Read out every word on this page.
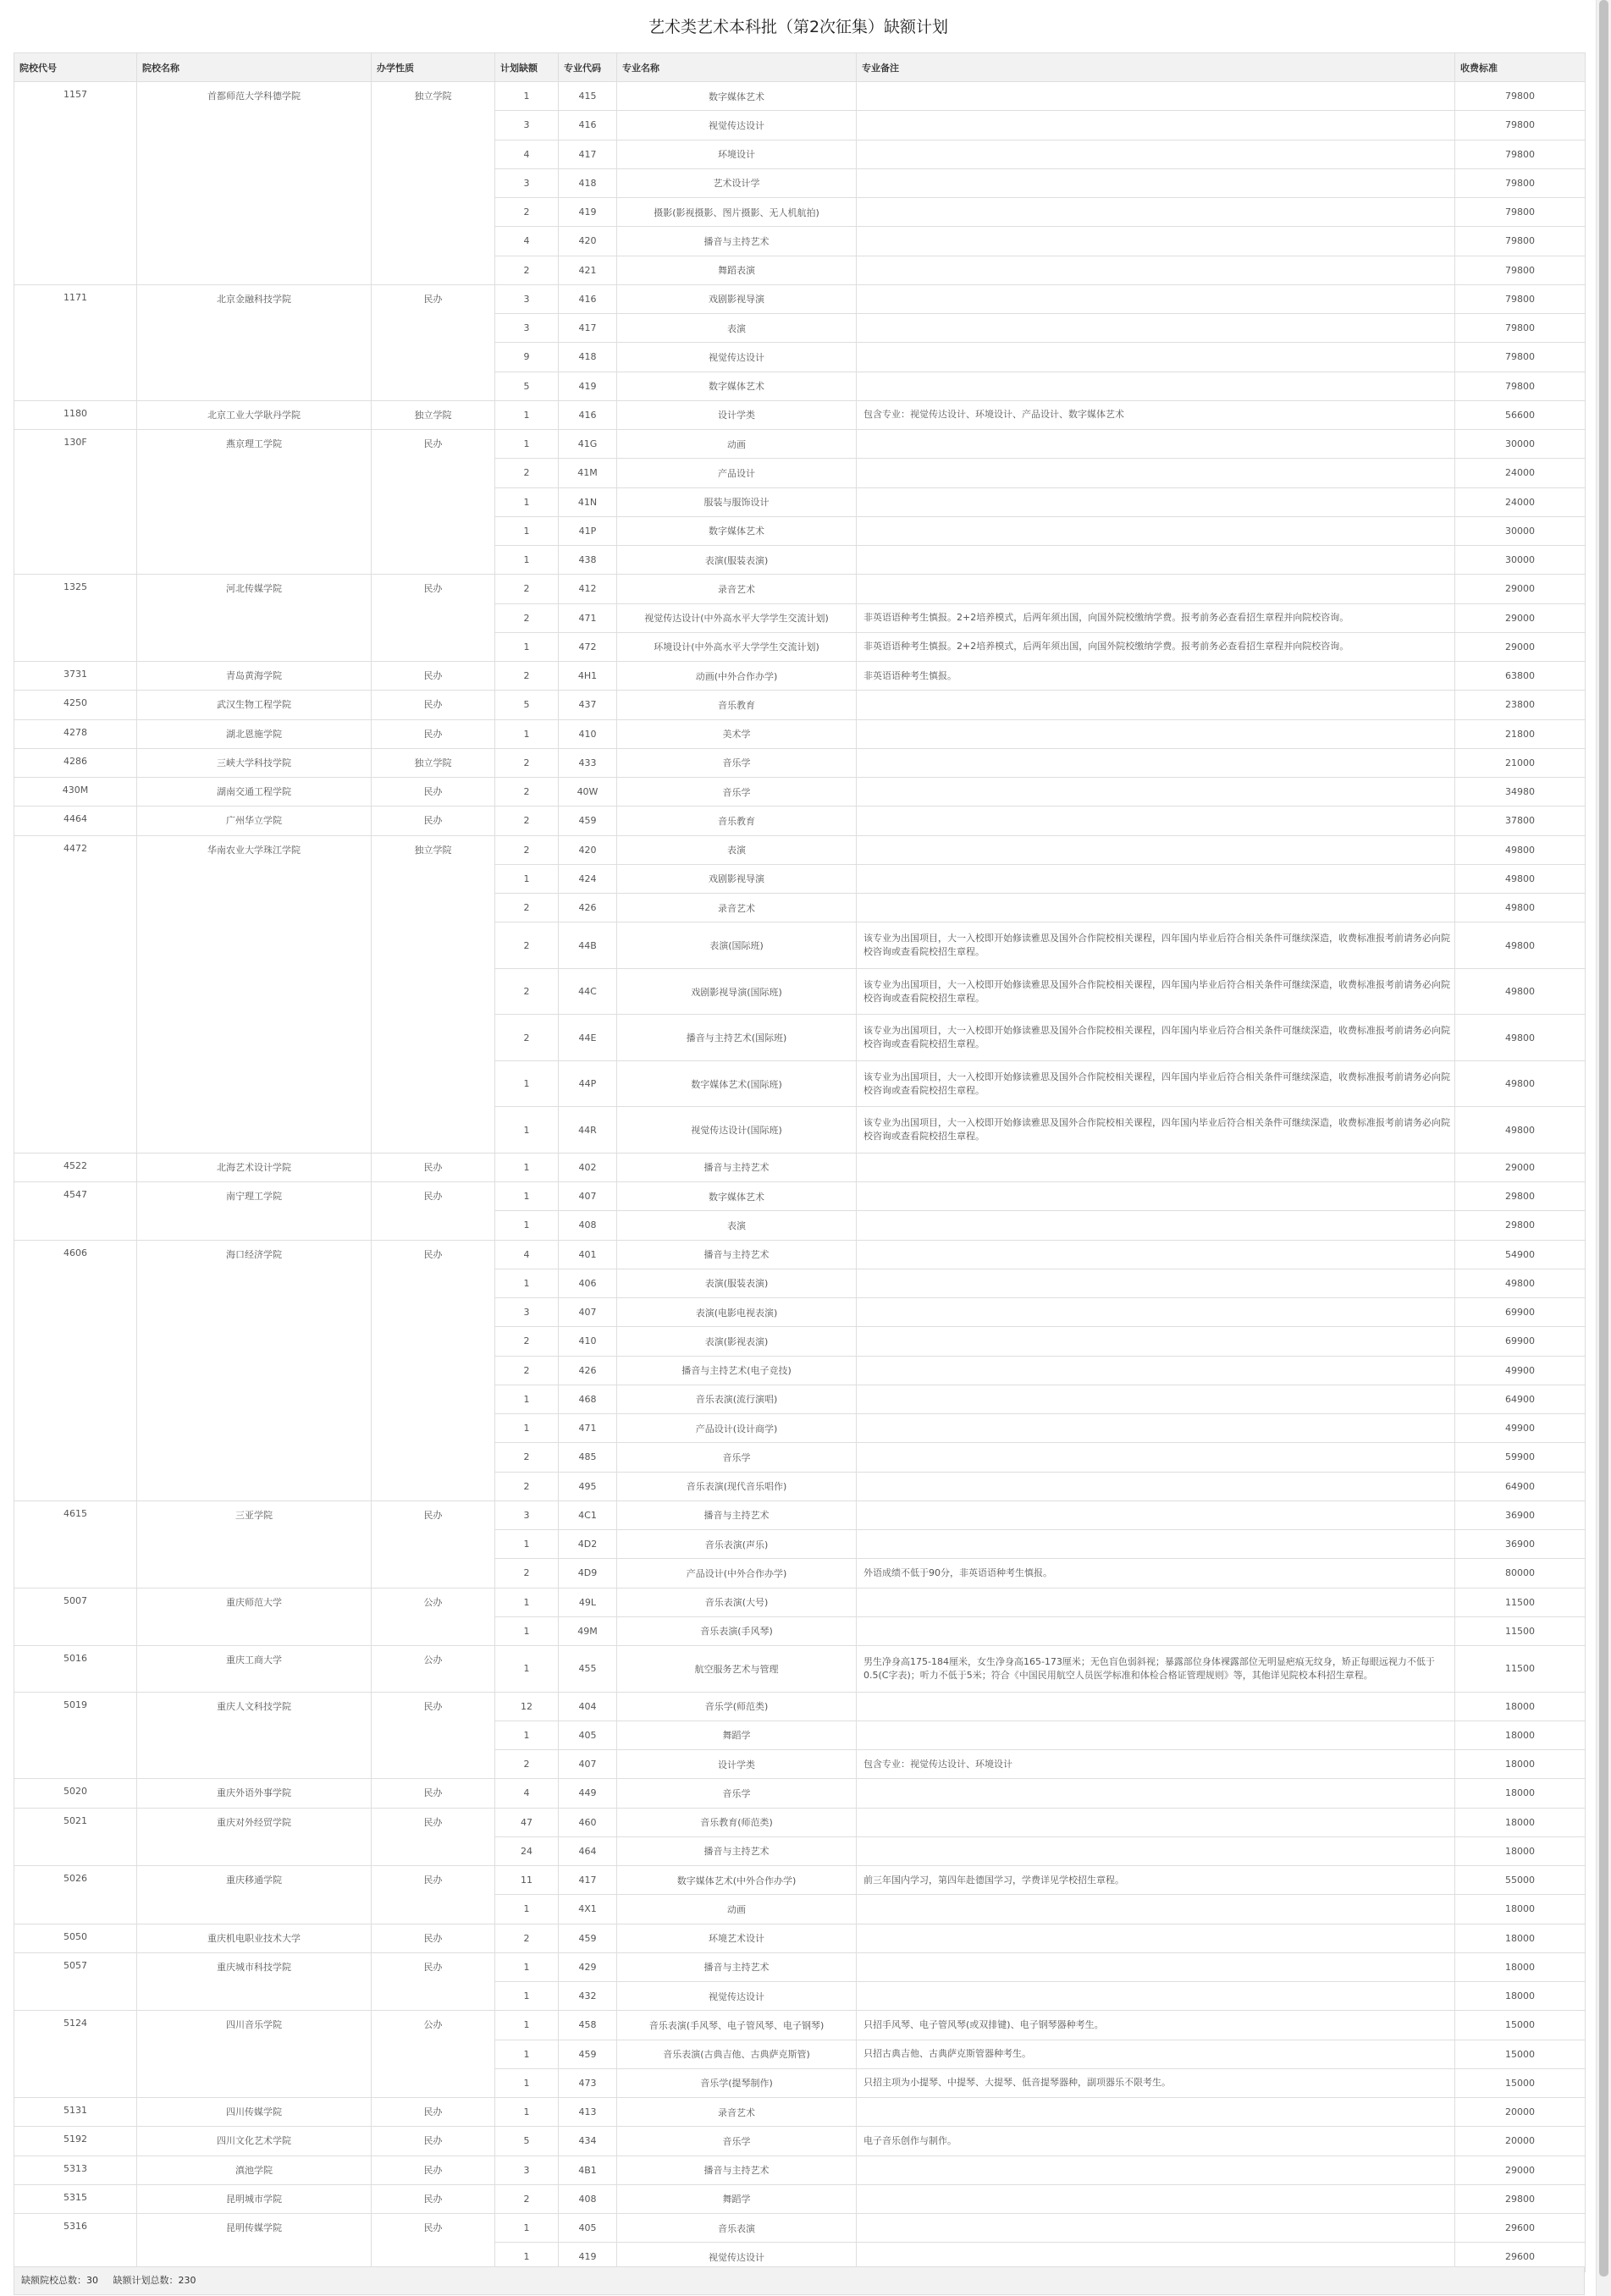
艺术类艺术本科批（第2次征集）缺额计划
院校代号	院校名称	办学性质	计划缺额	专业代码	专业名称	专业备注	收费标准
1157	首都师范大学科德学院	独立学院	1	415	数字媒体艺术		79800
			3	416	视觉传达设计		79800
			4	417	环境设计		79800
			3	418	艺术设计学		79800
			2	419	摄影(影视摄影、图片摄影、无人机航拍)		79800
			4	420	播音与主持艺术		79800
			2	421	舞蹈表演		79800
1171	北京金融科技学院	民办	3	416	戏剧影视导演		79800
			3	417	表演		79800
			9	418	视觉传达设计		79800
			5	419	数字媒体艺术		79800
1180	北京工业大学耿丹学院	独立学院	1	416	设计学类	包含专业：视觉传达设计、环境设计、产品设计、数字媒体艺术	56600
130F	燕京理工学院	民办	1	41G	动画		30000
			2	41M	产品设计		24000
			1	41N	服装与服饰设计		24000
			1	41P	数字媒体艺术		30000
			1	438	表演(服装表演)		30000
1325	河北传媒学院	民办	2	412	录音艺术		29000
			2	471	视觉传达设计(中外高水平大学学生交流计划)	非英语语种考生慎报。2+2培养模式，后两年须出国，向国外院校缴纳学费。报考前务必查看招生章程并向院校咨询。	29000
			1	472	环境设计(中外高水平大学学生交流计划)	非英语语种考生慎报。2+2培养模式，后两年须出国，向国外院校缴纳学费。报考前务必查看招生章程并向院校咨询。	29000
3731	青岛黄海学院	民办	2	4H1	动画(中外合作办学)	非英语语种考生慎报。	63800
4250	武汉生物工程学院	民办	5	437	音乐教育		23800
4278	湖北恩施学院	民办	1	410	美术学		21800
4286	三峡大学科技学院	独立学院	2	433	音乐学		21000
430M	湖南交通工程学院	民办	2	40W	音乐学		34980
4464	广州华立学院	民办	2	459	音乐教育		37800
4472	华南农业大学珠江学院	独立学院	2	420	表演		49800
			1	424	戏剧影视导演		49800
			2	426	录音艺术		49800
			2	44B	表演(国际班)	该专业为出国项目，大一入校即开始修读雅思及国外合作院校相关课程，四年国内毕业后符合相关条件可继续深造，收费标准报考前请务必向院校咨询或查看院校招生章程。	49800
			2	44C	戏剧影视导演(国际班)	该专业为出国项目，大一入校即开始修读雅思及国外合作院校相关课程，四年国内毕业后符合相关条件可继续深造，收费标准报考前请务必向院校咨询或查看院校招生章程。	49800
			2	44E	播音与主持艺术(国际班)	该专业为出国项目，大一入校即开始修读雅思及国外合作院校相关课程，四年国内毕业后符合相关条件可继续深造，收费标准报考前请务必向院校咨询或查看院校招生章程。	49800
			1	44P	数字媒体艺术(国际班)	该专业为出国项目，大一入校即开始修读雅思及国外合作院校相关课程，四年国内毕业后符合相关条件可继续深造，收费标准报考前请务必向院校咨询或查看院校招生章程。	49800
			1	44R	视觉传达设计(国际班)	该专业为出国项目，大一入校即开始修读雅思及国外合作院校相关课程，四年国内毕业后符合相关条件可继续深造，收费标准报考前请务必向院校咨询或查看院校招生章程。	49800
4522	北海艺术设计学院	民办	1	402	播音与主持艺术		29000
4547	南宁理工学院	民办	1	407	数字媒体艺术		29800
			1	408	表演		29800
4606	海口经济学院	民办	4	401	播音与主持艺术		54900
			1	406	表演(服装表演)		49800
			3	407	表演(电影电视表演)		69900
			2	410	表演(影视表演)		69900
			2	426	播音与主持艺术(电子竞技)		49900
			1	468	音乐表演(流行演唱)		64900
			1	471	产品设计(设计商学)		49900
			2	485	音乐学		59900
			2	495	音乐表演(现代音乐唱作)		64900
4615	三亚学院	民办	3	4C1	播音与主持艺术		36900
			1	4D2	音乐表演(声乐)		36900
			2	4D9	产品设计(中外合作办学)	外语成绩不低于90分，非英语语种考生慎报。	80000
5007	重庆师范大学	公办	1	49L	音乐表演(大号)		11500
			1	49M	音乐表演(手风琴)		11500
5016	重庆工商大学	公办	1	455	航空服务艺术与管理	男生净身高175-184厘米，女生净身高165-173厘米；无色盲色弱斜视；暴露部位身体裸露部位无明显疤痕无纹身，矫正每眼远视力不低于0.5(C字表)；听力不低于5米；符合《中国民用航空人员医学标准和体检合格证管理规则》等，其他详见院校本科招生章程。	11500
5019	重庆人文科技学院	民办	12	404	音乐学(师范类)		18000
			1	405	舞蹈学		18000
			2	407	设计学类	包含专业：视觉传达设计、环境设计	18000
5020	重庆外语外事学院	民办	4	449	音乐学		18000
5021	重庆对外经贸学院	民办	47	460	音乐教育(师范类)		18000
			24	464	播音与主持艺术		18000
5026	重庆移通学院	民办	11	417	数字媒体艺术(中外合作办学)	前三年国内学习，第四年赴德国学习，学费详见学校招生章程。	55000
			1	4X1	动画		18000
5050	重庆机电职业技术大学	民办	2	459	环境艺术设计		18000
5057	重庆城市科技学院	民办	1	429	播音与主持艺术		18000
			1	432	视觉传达设计		18000
5124	四川音乐学院	公办	1	458	音乐表演(手风琴、电子管风琴、电子钢琴)	只招手风琴、电子管风琴(或双排键)、电子钢琴器种考生。	15000
			1	459	音乐表演(古典吉他、古典萨克斯管)	只招古典吉他、古典萨克斯管器种考生。	15000
			1	473	音乐学(提琴制作)	只招主项为小提琴、中提琴、大提琴、低音提琴器种，副项器乐不限考生。	15000
5131	四川传媒学院	民办	1	413	录音艺术		20000
5192	四川文化艺术学院	民办	5	434	音乐学	电子音乐创作与制作。	20000
5313	滇池学院	民办	3	4B1	播音与主持艺术		29000
5315	昆明城市学院	民办	2	408	舞蹈学		29800
5316	昆明传媒学院	民办	1	405	音乐表演		29600
			1	419	视觉传达设计		29600
缺额院校总数：30 缺额计划总数：230
